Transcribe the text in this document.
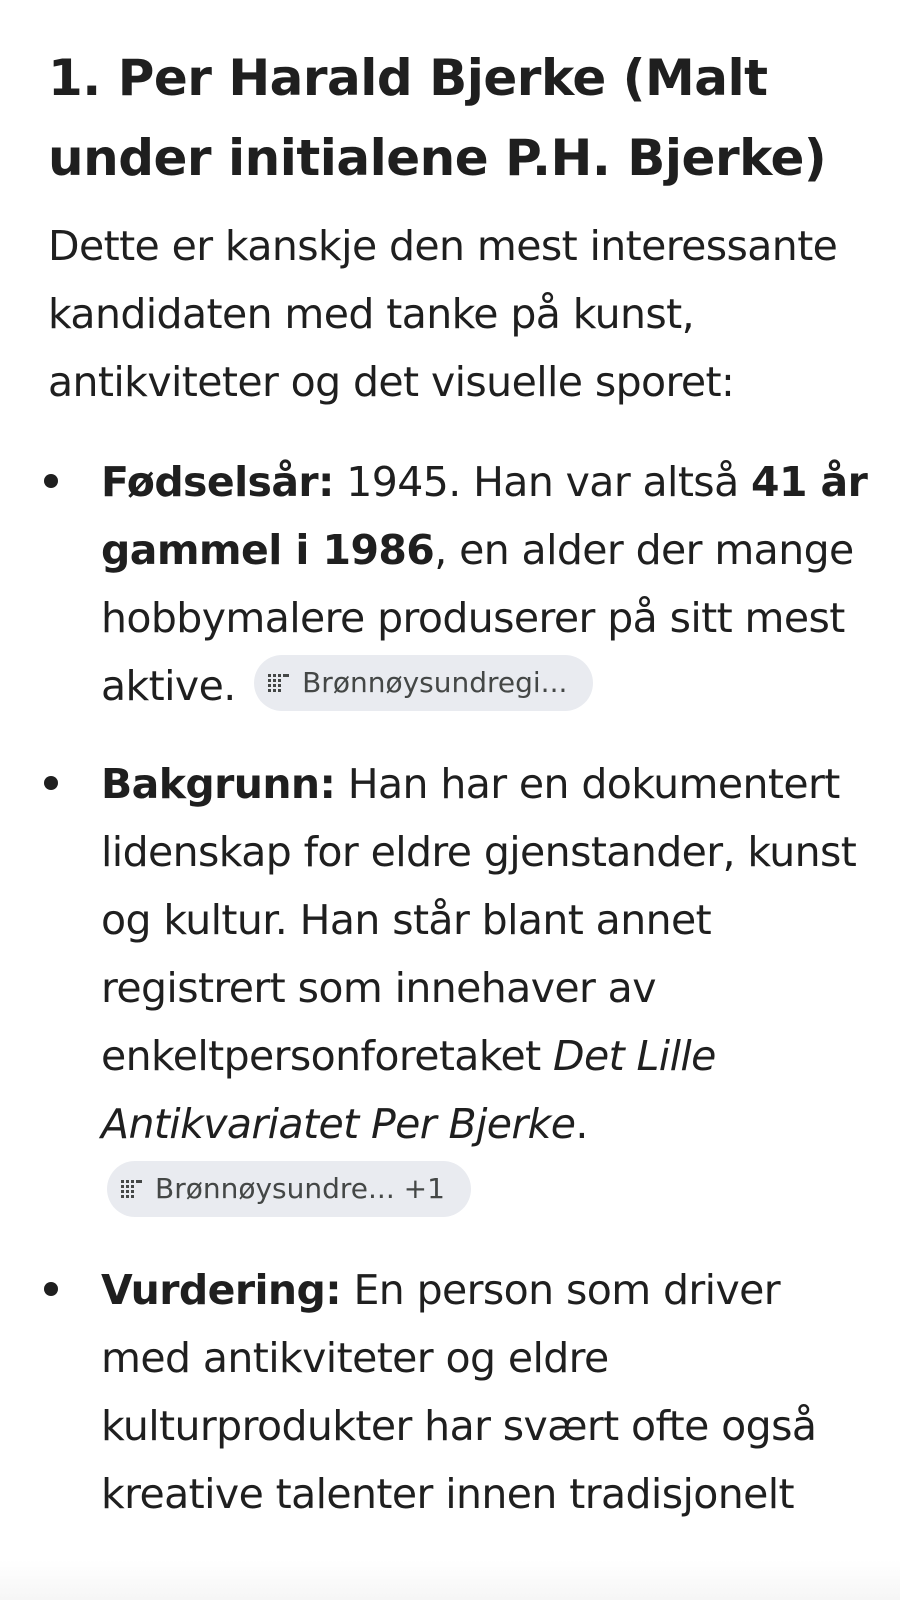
1. Per Harald Bjerke (Malt under initialene P.H. Bjerke)

Dette er kanskje den mest interessante kandidaten med tanke på kunst, antikviteter og det visuelle sporet:

Fødselsår: 1945. Han var altså 41 år gammel i 1986, en alder der mange hobbymalere produserer på sitt mest aktive. Brønnøysundregi...
Bakgrunn: Han har en dokumentert lidenskap for eldre gjenstander, kunst og kultur. Han står blant annet registrert som innehaver av enkeltpersonforetaket Det Lille Antikvariatet Per Bjerke.
Brønnøysundre... +1
Vurdering: En person som driver med antikviteter og eldre kulturprodukter har svært ofte også kreative talenter innen tradisjonelt
